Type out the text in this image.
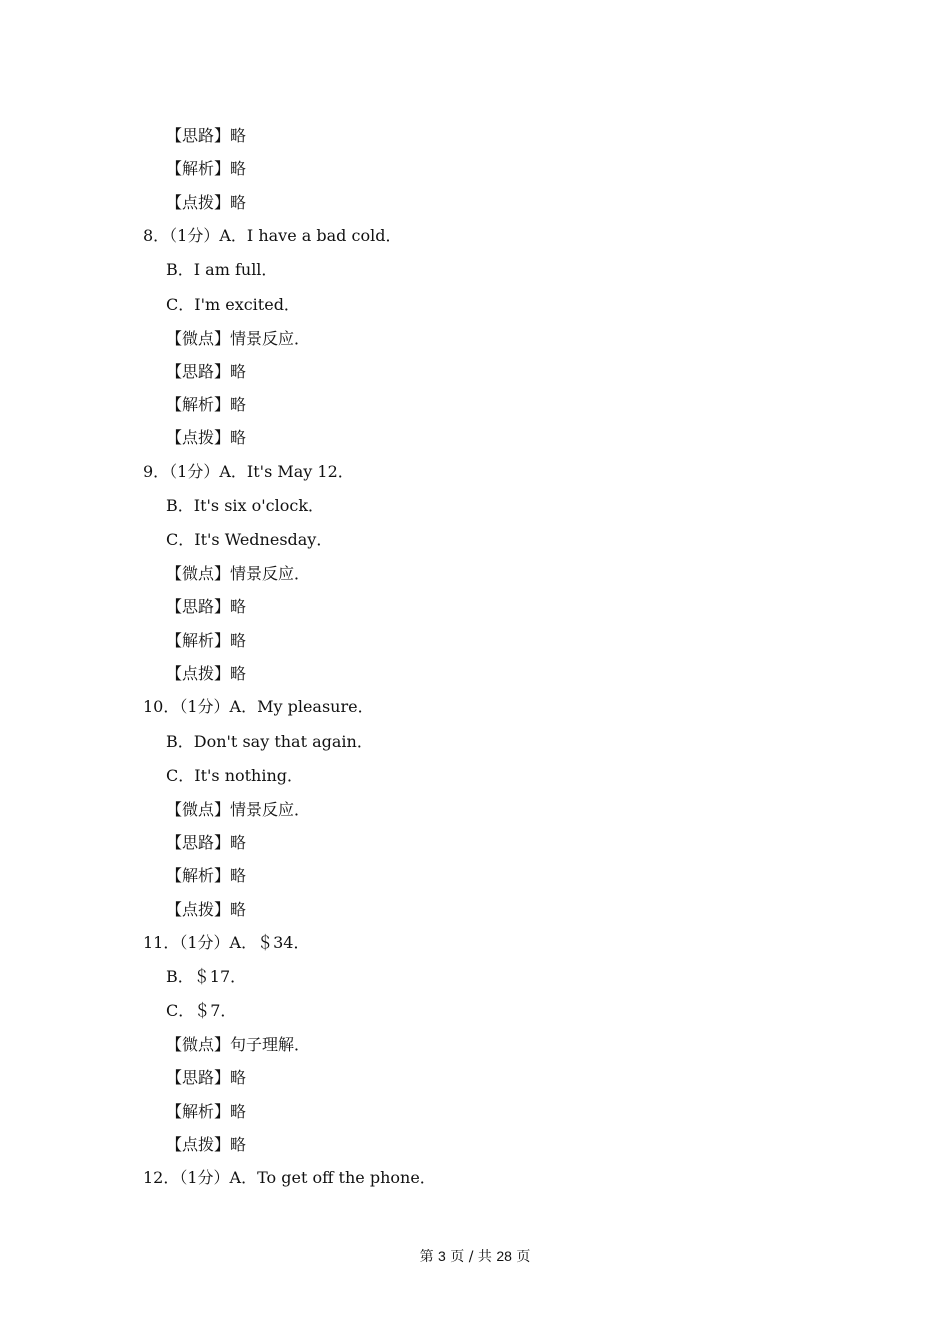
【思路】略
【解析】略
【点拨】略
8．（1分）A．I have a bad cold．
B．I am full．
C．I'm excited．
【微点】情景反应．
【思路】略
【解析】略
【点拨】略
9．（1分）A．It's May 12．
B．It's six o'clock．
C．It's Wednesday．
【微点】情景反应．
【思路】略
【解析】略
【点拨】略
10．（1分）A．My pleasure．
B．Don't say that again．
C．It's nothing．
【微点】情景反应．
【思路】略
【解析】略
【点拨】略
11．（1分）A．＄34．
B．＄17．
C．＄7．
【微点】句子理解．
【思路】略
【解析】略
【点拨】略
12．（1分）A．To get off the phone．
第 3 页 / 共 28 页
